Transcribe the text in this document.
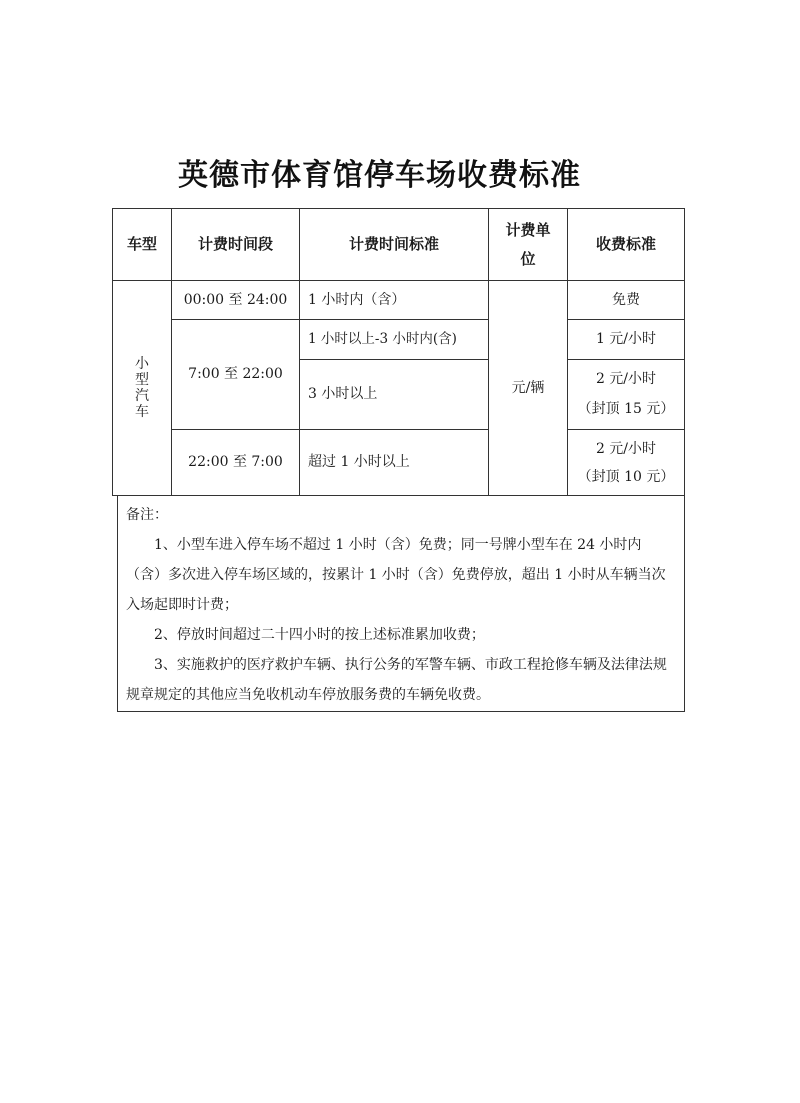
英德市体育馆停车场收费标准
车型	计费时间段	计费时间标准
计费单位
收费标准
小型汽车
00:00 至 24:00
7:00 至 22:00
22:00 至 7:00
1 小时内（含）
1 小时以上-3 小时内(含)
3 小时以上
超过 1 小时以上
元/辆
免费
1 元/小时
2 元/小时
（封顶 15 元）
2 元/小时
（封顶 10 元）

备注：

1、小型车进入停车场不超过 1 小时（含）免费；同一号牌小型车在 24 小时内（含）多次进入停车场区域的，按累计 1 小时（含）免费停放，超出 1 小时从车辆当次入场起即时计费；

2、停放时间超过二十四小时的按上述标准累加收费；

3、实施救护的医疗救护车辆、执行公务的军警车辆、市政工程抢修车辆及法律法规规章规定的其他应当免收机动车停放服务费的车辆免收费。
